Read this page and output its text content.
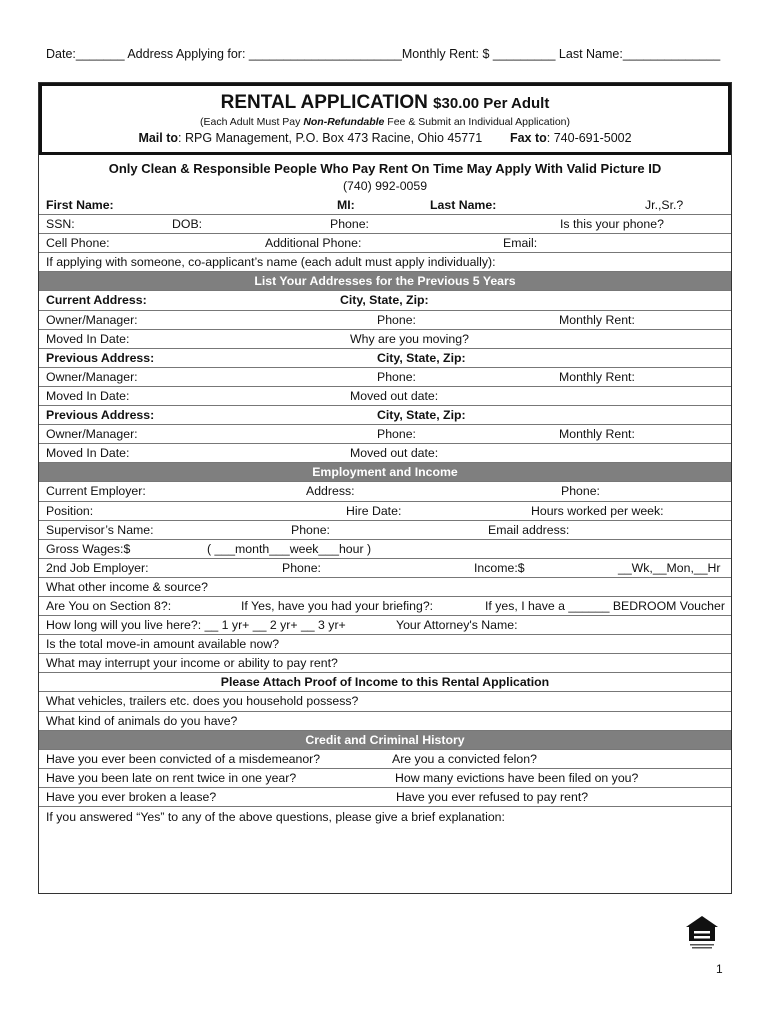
Date:_______ Address Applying for: ______________________Monthly Rent: $ _________ Last Name:______________
RENTAL APPLICATION $30.00 Per Adult
(Each Adult Must Pay Non-Refundable Fee & Submit an Individual Application)
Mail to: RPG Management, P.O. Box 473 Racine, Ohio 45771 Fax to: 740-691-5002
Only Clean & Responsible People Who Pay Rent On Time May Apply With Valid Picture ID
(740) 992-0059
First Name:	MI:	Last Name:	Jr.,Sr.?
SSN:	DOB:	Phone:	Is this your phone?
Cell Phone:	Additional Phone:	Email:
If applying with someone, co-applicant’s name (each adult must apply individually):
List Your Addresses for the Previous 5 Years
Current Address:	City, State, Zip:
Owner/Manager:	Phone:	Monthly Rent:
Moved In Date:	Why are you moving?
Previous Address:	City, State, Zip:
Owner/Manager:	Phone:	Monthly Rent:
Moved In Date:	Moved out date:
Previous Address:	City, State, Zip:
Owner/Manager:	Phone:	Monthly Rent:
Moved In Date:	Moved out date:
Employment and Income
Current Employer:	Address:	Phone:
Position:	Hire Date:	Hours worked per week:
Supervisor’s Name:	Phone:	Email address:
Gross Wages:$	( ___month___week___hour )
2nd Job Employer:	Phone:	Income:$	__Wk,__Mon,__Hr
What other income & source?
Are You on Section 8?:	If Yes, have you had your briefing?:	If yes, I have a ______ BEDROOM Voucher
How long will you live here?: __ 1 yr+ __ 2 yr+ __ 3 yr+	Your Attorney's Name:
Is the total move-in amount available now?
What may interrupt your income or ability to pay rent?
Please Attach Proof of Income to this Rental Application
What vehicles, trailers etc. does you household possess?
What kind of animals do you have?
Credit and Criminal History
Have you ever been convicted of a misdemeanor?	Are you a convicted felon?
Have you been late on rent twice in one year?	How many evictions have been filed on you?
Have you ever broken a lease?	Have you ever refused to pay rent?
If you answered “Yes” to any of the above questions, please give a brief explanation:
1
